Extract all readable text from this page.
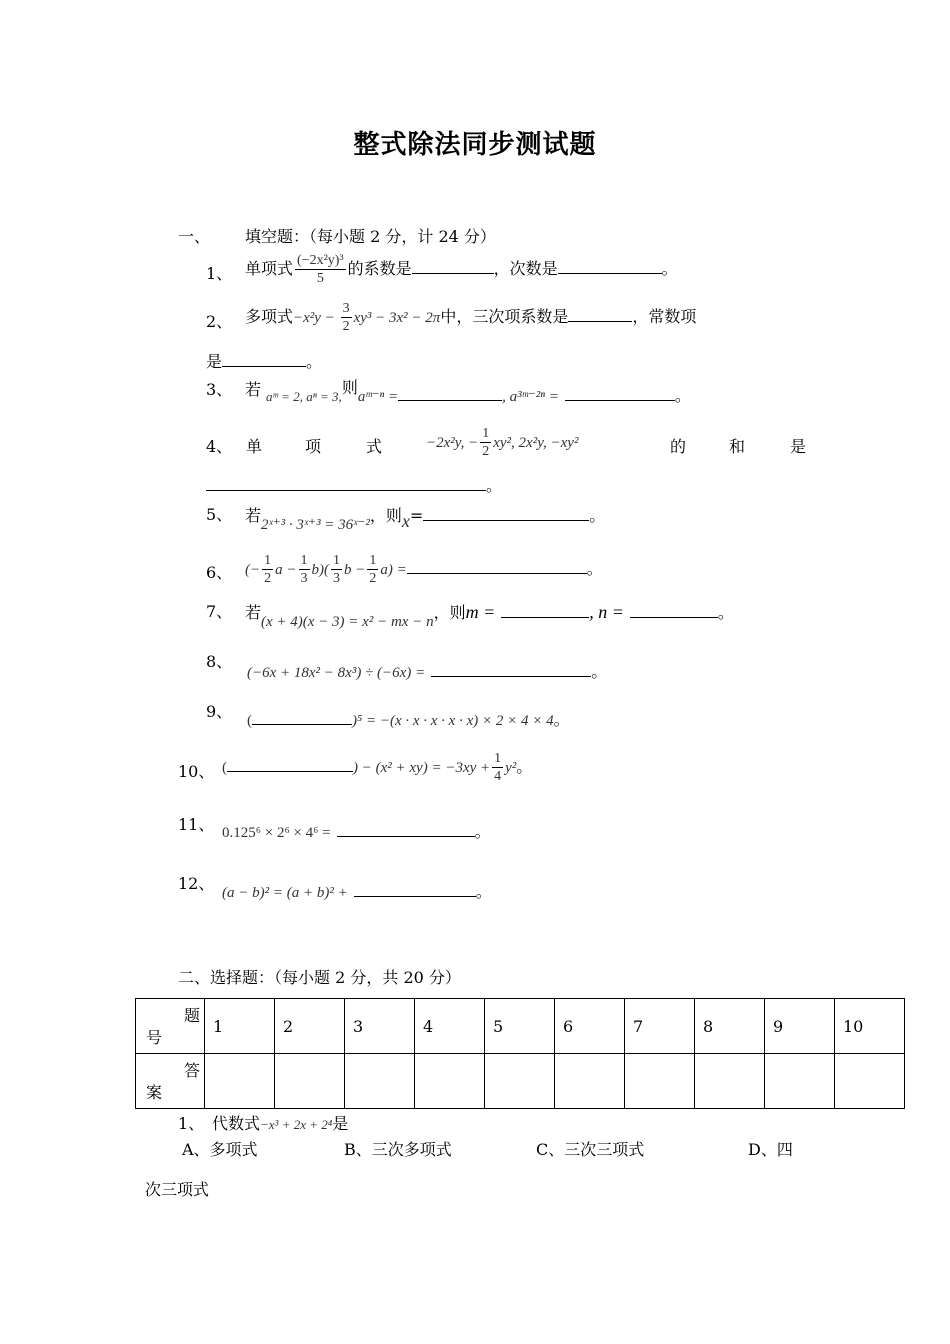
整式除法同步测试题
一、 填空题：（每小题 2 分，计 24 分）
1、 单项式 $\frac{\text{(−2x²y)³}}{5}$ 的系数是	，次数是	。
2、 多项式$-x^2y - \frac{3}{2} xy^3 - 3x^2 - 2\pi$中，三次项系数是	，常数项
是	。
3、 若 aᵐ = 2, aⁿ = 3,则aᵐ⁻ⁿ =	, a³ᵐ⁻²ⁿ =	。
4、 单	项	式	−2x²y, − $\frac{1}{2} xy^2$, 2x²y, −xy²	的	和	是
。
5、 若2ˣ⁺³ · 3ˣ⁺³ = 36ˣ⁻²，则x=	。
6、 (− $\frac{1}{2}$ $a - \frac{1}{3} b)( \frac{1}{3}$ $b - \frac{1}{2} a$) =	。
7、 若(x + 4)(x − 3) = x² − mx − n，则m =	, n =	。
8、
(−6x + 18x² − 8x³) ÷ (−6x) =	。
9、 (	)⁵ = −(x · x · x · x · x) × 2 × 4 × 4。
10、 (	) − $(x^2 + xy) = -3xy + \frac{1}{4} y^2$。
11、 0.125⁶ × 2⁶ × 4⁶ =	。
12、 (a − b)² = (a + b)² +	。
二、选择题：（每小题 2 分，共 20 分）
题
号	1	2	3	4	5	6	7	8	9	10

答
案										

1、 代数式−x³ + 2x + 2⁴是
A、多项式	B、三次多项式	C、三次三项式	D、四
次三项式
